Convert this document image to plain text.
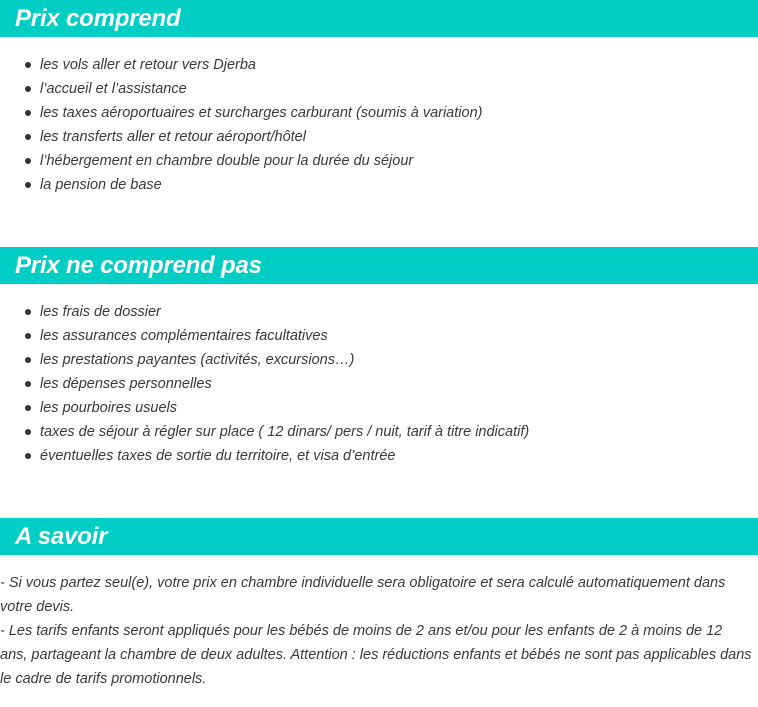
Prix comprend
les vols aller et retour vers Djerba
l’accueil et l’assistance
les taxes aéroportuaires et surcharges carburant (soumis à variation)
les transferts aller et retour aéroport/hôtel
l’hébergement en chambre double pour la durée du séjour
la pension de base
Prix ne comprend pas
les frais de dossier
les assurances complémentaires facultatives
les prestations payantes (activités, excursions…)
les dépenses personnelles
les pourboires usuels
taxes de séjour à régler sur place ( 12 dinars/ pers / nuit, tarif à titre indicatif)
éventuelles taxes de sortie du territoire, et visa d’entrée
A savoir

- Si vous partez seul(e), votre prix en chambre individuelle sera obligatoire et sera calculé automatiquement dans votre devis.

- Les tarifs enfants seront appliqués pour les bébés de moins de 2 ans et/ou pour les enfants de 2 à moins de 12 ans, partageant la chambre de deux adultes. Attention : les réductions enfants et bébés ne sont pas applicables dans le cadre de tarifs promotionnels.
